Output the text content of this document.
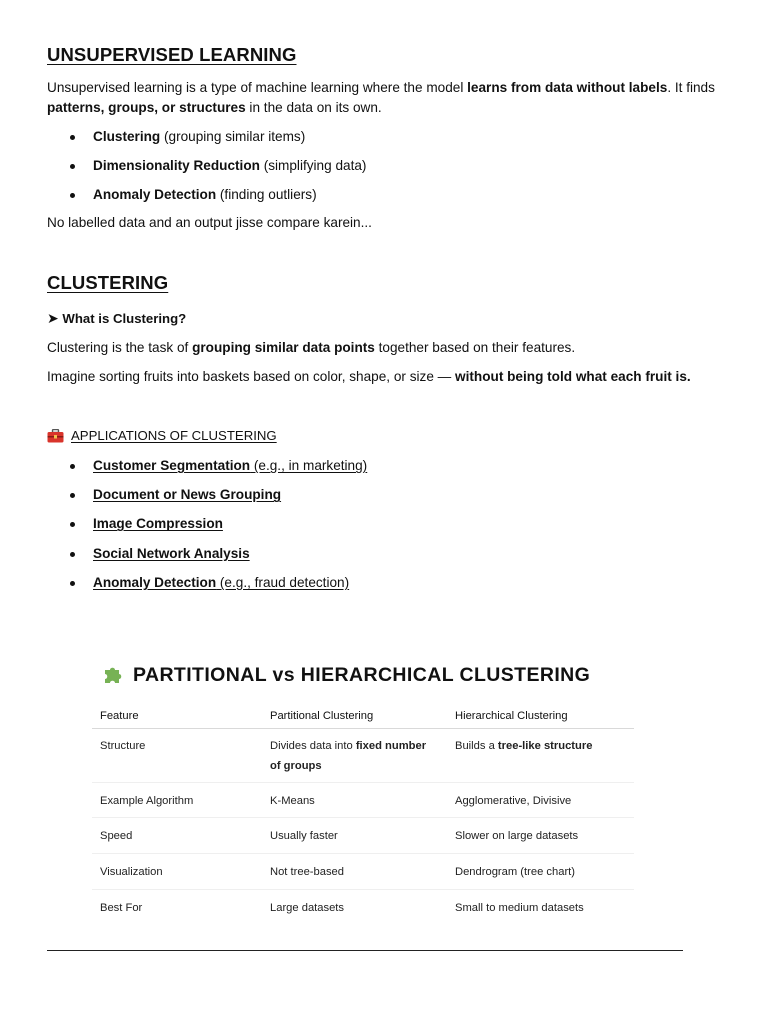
UNSUPERVISED LEARNING

Unsupervised learning is a type of machine learning where the model learns from data without labels. It finds patterns, groups, or structures in the data on its own.

Clustering (grouping similar items)
Dimensionality Reduction (simplifying data)
Anomaly Detection (finding outliers)

No labelled data and an output jisse compare karein...

CLUSTERING

➤ What is Clustering?

Clustering is the task of grouping similar data points together based on their features.

Imagine sorting fruits into baskets based on color, shape, or size — without being told what each fruit is.

APPLICATIONS OF CLUSTERING
Customer Segmentation (e.g., in marketing)
Document or News Grouping
Image Compression
Social Network Analysis
Anomaly Detection (e.g., fraud detection)
PARTITIONAL vs HIERARCHICAL CLUSTERING
Feature	Partitional Clustering	Hierarchical Clustering
Structure	Divides data into fixed number of groups	Builds a tree-like structure
Example Algorithm	K-Means	Agglomerative, Divisive
Speed	Usually faster	Slower on large datasets
Visualization	Not tree-based	Dendrogram (tree chart)
Best For	Large datasets	Small to medium datasets
